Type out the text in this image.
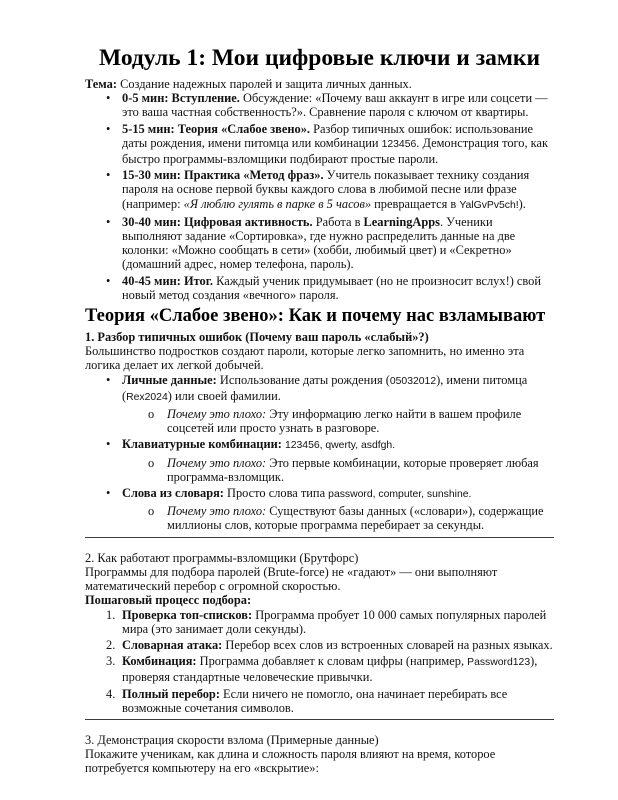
Модуль 1: Мои цифровые ключи и замки

Тема: Создание надежных паролей и защита личных данных.

• 0-5 мин: Вступление. Обсуждение: «Почему ваш аккаунт в игре или соцсети — это ваша частная собственность?». Сравнение пароля с ключом от квартиры.
• 5-15 мин: Теория «Слабое звено». Разбор типичных ошибок: использование даты рождения, имени питомца или комбинации 123456. Демонстрация того, как быстро программы-взломщики подбирают простые пароли.
• 15-30 мин: Практика «Метод фраз». Учитель показывает технику создания пароля на основе первой буквы каждого слова в любимой песне или фразе (например: «Я люблю гулять в парке в 5 часов» превращается в YalGvPv5ch!).
• 30-40 мин: Цифровая активность. Работа в LearningApps. Ученики выполняют задание «Сортировка», где нужно распределить данные на две колонки: «Можно сообщать в сети» (хобби, любимый цвет) и «Секретно» (домашний адрес, номер телефона, пароль).
• 40-45 мин: Итог. Каждый ученик придумывает (но не произносит вслух!) свой новый метод создания «вечного» пароля.
Теория «Слабое звено»: Как и почему нас взламывают

1. Разбор типичных ошибок (Почему ваш пароль «слабый»?)

Большинство подростков создают пароли, которые легко запомнить, но именно эта логика делает их легкой добычей.

• Личные данные: Использование даты рождения (05032012), имени питомца (Rex2024) или своей фамилии.
o	Почему это плохо: Эту информацию легко найти в вашем профиле соцсетей или просто узнать в разговоре.
• Клавиатурные комбинации: 123456, qwerty, asdfgh.
o	Почему это плохо: Это первые комбинации, которые проверяет любая программа-взломщик.
• Слова из словаря: Просто слова типа password, computer, sunshine.
o	Почему это плохо: Существуют базы данных («словари»), содержащие миллионы слов, которые программа перебирает за секунды.

2. Как работают программы-взломщики (Брутфорс)

Программы для подбора паролей (Brute-force) не «гадают» — они выполняют математический перебор с огромной скоростью.

Пошаговый процесс подбора:

1. Проверка топ-списков: Программа пробует 10 000 самых популярных паролей мира (это занимает доли секунды).
2. Словарная атака: Перебор всех слов из встроенных словарей на разных языках.
3. Комбинация: Программа добавляет к словам цифры (например, Password123), проверяя стандартные человеческие привычки.
4. Полный перебор: Если ничего не помогло, она начинает перебирать все возможные сочетания символов.

3. Демонстрация скорости взлома (Примерные данные)

Покажите ученикам, как длина и сложность пароля влияют на время, которое потребуется компьютеру на его «вскрытие»:
